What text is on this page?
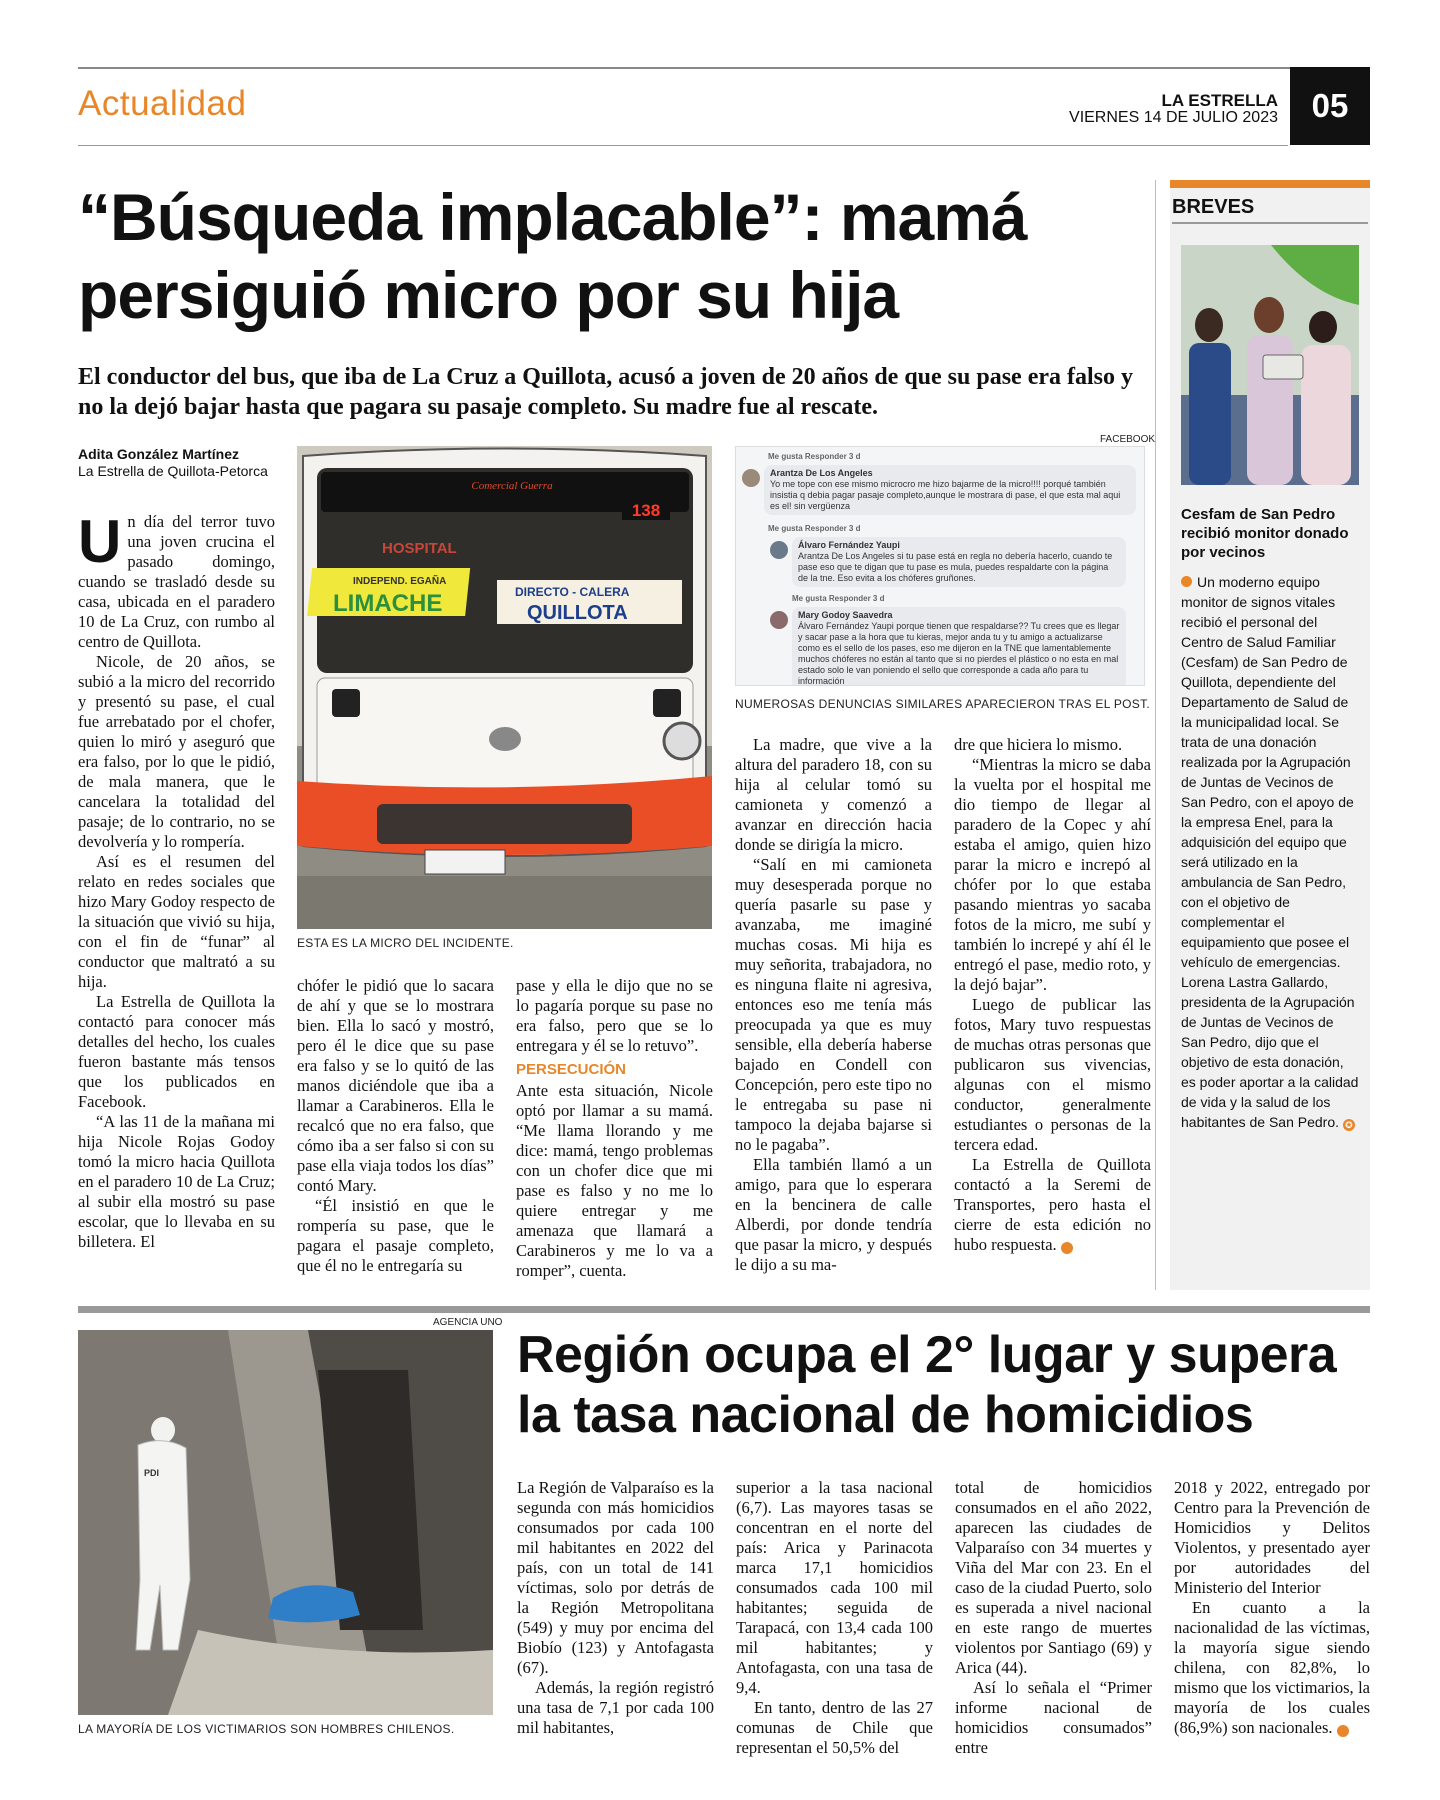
Actualidad	LA ESTRELLA
VIERNES 14 DE JULIO 2023	05
“Búsqueda implacable”: mamá persiguió micro por su hija
El conductor del bus, que iba de La Cruz a Quillota, acusó a joven de 20 años de que su pase era falso y no la dejó bajar hasta que pagara su pasaje completo. Su madre fue al rescate.
Adita González Martínez
La Estrella de Quillota-Petorca

Un día del terror tuvo una joven crucina el pasado domingo, cuando se trasladó desde su casa, ubicada en el paradero 10 de La Cruz, con rumbo al centro de Quillota.

Nicole, de 20 años, se subió a la micro del recorrido y presentó su pase, el cual fue arrebatado por el chofer, quien lo miró y aseguró que era falso, por lo que le pidió, de mala manera, que le cancelara la totalidad del pasaje; de lo contrario, no se devolvería y lo rompería.

Así es el resumen del relato en redes sociales que hizo Mary Godoy respecto de la situación que vivió su hija, con el fin de “funar” al conductor que maltrató a su hija.

La Estrella de Quillota la contactó para conocer más detalles del hecho, los cuales fueron bastante más tensos que los publicados en Facebook.

“A las 11 de la mañana mi hija Nicole Rojas Godoy tomó la micro hacia Quillota en el paradero 10 de La Cruz; al subir ella mostró su pase escolar, que lo llevaba en su billetera. El

Comercial Guerra
138
HOSPITAL
INDEPEND. EGAÑA
LIMACHE	DIRECTO - CALERA
QUILLOTA
ESTA ES LA MICRO DEL INCIDENTE.

chófer le pidió que lo sacara de ahí y que se lo mostrara bien. Ella lo sacó y mostró, pero él le dice que su pase era falso y se lo quitó de las manos diciéndole que iba a llamar a Carabineros. Ella le recalcó que no era falso, que cómo iba a ser falso si con su pase ella viaja todos los días” contó Mary.

“Él insistió en que le rompería su pase, que le pagara el pasaje completo, que él no le entregaría su

pase y ella le dijo que no se lo pagaría porque su pase no era falso, pero que se lo entregara y él se lo retuvo”.

PERSECUCIÓN

Ante esta situación, Nicole optó por llamar a su mamá. “Me llama llorando y me dice: mamá, tengo problemas con un chofer dice que mi pase es falso y no me lo quiere entregar y me amenaza que llamará a Carabineros y me lo va a romper”, cuenta.

FACEBOOK
Me gusta Responder 3 d
Arantza De Los Angeles
Yo me tope con ese mismo microcro me hizo bajarme de la micro!!!! porqué también insistia q debia pagar pasaje completo,aunque le mostrara di pase, el que esta mal aqui es el! sin vergüenza
Me gusta Responder 3 d
Álvaro Fernández Yaupi
Arantza De Los Angeles si tu pase está en regla no debería hacerlo, cuando te pase eso que te digan que tu pase es mula, puedes respaldarte con la página de la tne. Eso evita a los chóferes gruñones.
Me gusta Responder 3 d
Mary Godoy Saavedra
Álvaro Fernández Yaupi porque tienen que respaldarse?? Tu crees que es llegar y sacar pase a la hora que tu kieras, mejor anda tu y tu amigo a actualizarse como es el sello de los pases, eso me dijeron en la TNE que lamentablemente muchos chóferes no están al tanto que si no pierdes el plástico o no esta en mal estado solo le van poniendo el sello que corresponde a cada año para tu información
NUMEROSAS DENUNCIAS SIMILARES APARECIERON TRAS EL POST.

La madre, que vive a la altura del paradero 18, con su hija al celular tomó su camioneta y comenzó a avanzar en dirección hacia donde se dirigía la micro.

“Salí en mi camioneta muy desesperada porque no quería pasarle su pase y avanzaba, me imaginé muchas cosas. Mi hija es muy señorita, trabajadora, no es ninguna flaite ni agresiva, entonces eso me tenía más preocupada ya que es muy sensible, ella debería haberse bajado en Condell con Concepción, pero este tipo no le entregaba su pase ni tampoco la dejaba bajarse si no le pagaba”.

Ella también llamó a un amigo, para que lo esperara en la bencinera de calle Alberdi, por donde tendría que pasar la micro, y después le dijo a su ma-

dre que hiciera lo mismo.

“Mientras la micro se daba la vuelta por el hospital me dio tiempo de llegar al paradero de la Copec y ahí estaba el amigo, quien hizo parar la micro e increpó al chófer por lo que estaba pasando mientras yo sacaba fotos de la micro, me subí y también lo increpé y ahí él le entregó el pase, medio roto, y la dejó bajar”.

Luego de publicar las fotos, Mary tuvo respuestas de muchas otras personas que publicaron sus vivencias, algunas con el mismo conductor, generalmente estudiantes o personas de la tercera edad.

La Estrella de Quillota contactó a la Seremi de Transportes, pero hasta el cierre de esta edición no hubo respuesta. ✪

BREVES
Cesfam de San Pedro recibió monitor donado por vecinos

Un moderno equipo monitor de signos vitales recibió el personal del Centro de Salud Familiar (Cesfam) de San Pedro de Quillota, dependiente del Departamento de Salud de la municipalidad local. Se trata de una donación realizada por la Agrupación de Juntas de Vecinos de San Pedro, con el apoyo de la empresa Enel, para la adquisición del equipo que será utilizado en la ambulancia de San Pedro, con el objetivo de complementar el equipamiento que posee el vehículo de emergencias.

Lorena Lastra Gallardo, presidenta de la Agrupación de Juntas de Vecinos de San Pedro, dijo que el objetivo de esta donación, es poder aportar a la calidad de vida y la salud de los habitantes de San Pedro. ✪

AGENCIA UNO
PDI
LA MAYORÍA DE LOS VICTIMARIOS SON HOMBRES CHILENOS.
Región ocupa el 2° lugar y supera la tasa nacional de homicidios

La Región de Valparaíso es la segunda con más homicidios consumados por cada 100 mil habitantes en 2022 del país, con un total de 141 víctimas, solo por detrás de la Región Metropolitana (549) y muy por encima del Biobío (123) y Antofagasta (67).

Además, la región registró una tasa de 7,1 por cada 100 mil habitantes,

superior a la tasa nacional (6,7). Las mayores tasas se concentran en el norte del país: Arica y Parinacota marca 17,1 homicidios consumados cada 100 mil habitantes; seguida de Tarapacá, con 13,4 cada 100 mil habitantes; y Antofagasta, con una tasa de 9,4.

En tanto, dentro de las 27 comunas de Chile que representan el 50,5% del

total de homicidios consumados en el año 2022, aparecen las ciudades de Valparaíso con 34 muertes y Viña del Mar con 23. En el caso de la ciudad Puerto, solo es superada a nivel nacional en este rango de muertes violentos por Santiago (69) y Arica (44).

Así lo señala el “Primer informe nacional de homicidios consumados” entre

2018 y 2022, entregado por Centro para la Prevención de Homicidios y Delitos Violentos, y presentado ayer por autoridades del Ministerio del Interior

En cuanto a la nacionalidad de las víctimas, la mayoría sigue siendo chilena, con 82,8%, lo mismo que los victimarios, la mayoría de los cuales (86,9%) son nacionales. ✪
